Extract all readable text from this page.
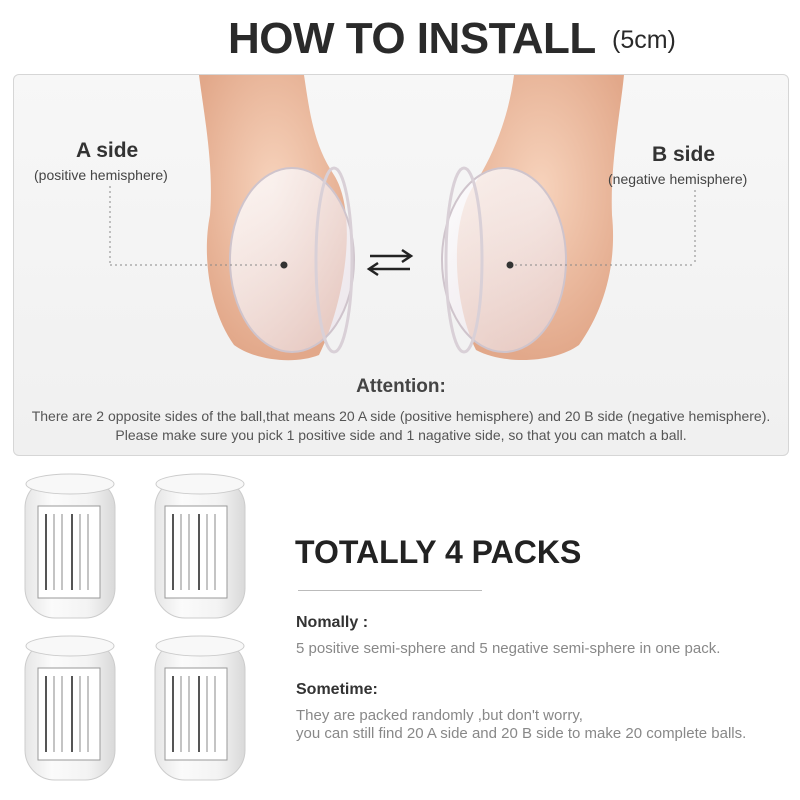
HOW TO INSTALL (5cm)
A side
(positive hemisphere)
B side
(negative hemisphere)
Attention:
There are 2 opposite sides of the ball,that means 20 A side (positive hemisphere) and 20 B side (negative hemisphere).
Please make sure you pick 1 positive side and 1 nagative side, so that you can match a ball.
TOTALLY 4 PACKS
Nomally :
5 positive semi-sphere and 5 negative semi-sphere in one pack.
Sometime:
They are packed randomly ,but don't worry,
you can still find 20 A side and 20 B side to make 20 complete balls.
